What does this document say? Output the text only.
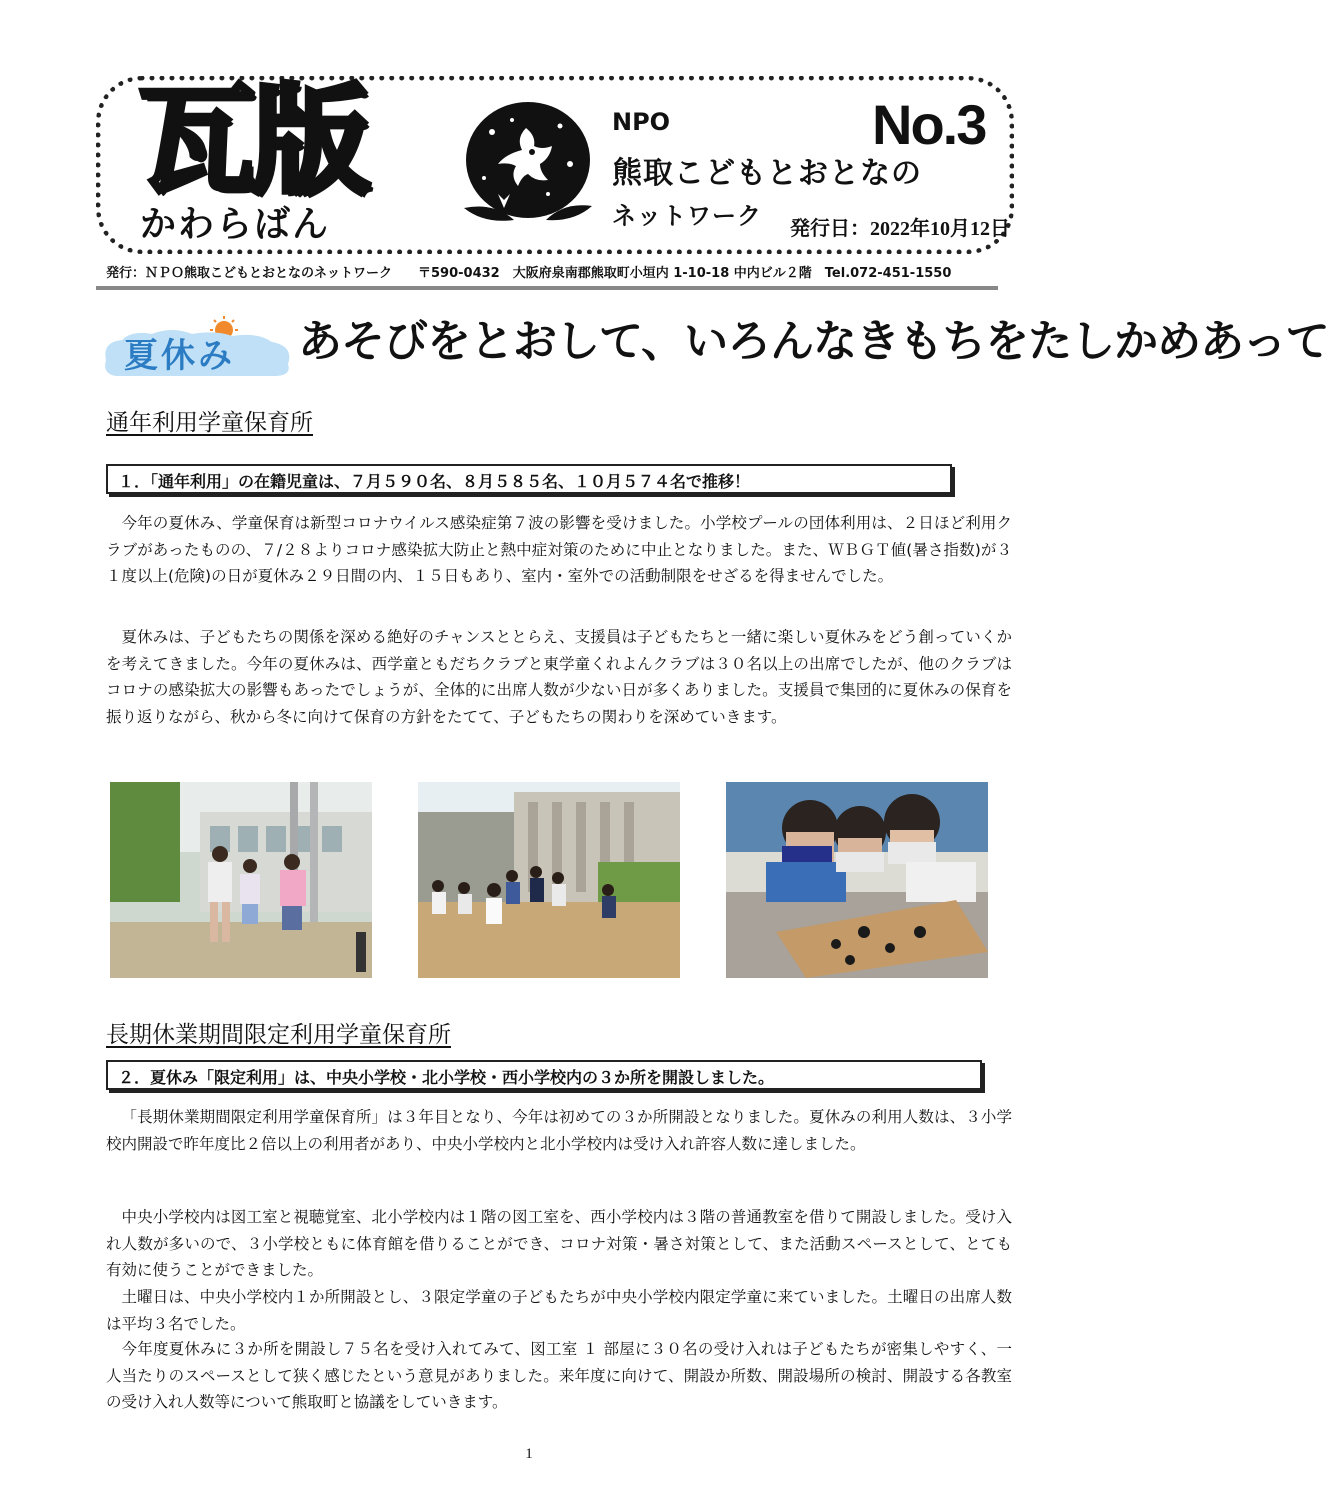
瓦版
かわらばん
NPO
熊取こどもとおとなの
ネットワーク
No.3
発行日：2022年10月12日
発行：ＮＰＯ熊取こどもとおとなのネットワーク　　〒590-0432　大阪府泉南郡熊取町小垣内 1-10-18 中内ビル２階　Tel.072-451-1550
夏休み あそびをとおして、いろんなきもちをたしかめあって
通年利用学童保育所
１．「通年利用」の在籍児童は、７月５９０名、８月５８５名、１０月５７４名で推移！

今年の夏休み、学童保育は新型コロナウイルス感染症第７波の影響を受けました。小学校プールの団体利用は、２日ほど利用クラブがあったものの、７/２８よりコロナ感染拡大防止と熱中症対策のために中止となりました。また、ＷＢＧＴ値(暑さ指数)が３１度以上(危険)の日が夏休み２９日間の内、１５日もあり、室内・室外での活動制限をせざるを得ませんでした。

夏休みは、子どもたちの関係を深める絶好のチャンスととらえ、支援員は子どもたちと一緒に楽しい夏休みをどう創っていくかを考えてきました。今年の夏休みは、西学童ともだちクラブと東学童くれよんクラブは３０名以上の出席でしたが、他のクラブはコロナの感染拡大の影響もあったでしょうが、全体的に出席人数が少ない日が多くありました。支援員で集団的に夏休みの保育を振り返りながら、秋から冬に向けて保育の方針をたてて、子どもたちの関わりを深めていきます。

長期休業期間限定利用学童保育所
２．夏休み「限定利用」は、中央小学校・北小学校・西小学校内の３か所を開設しました。

「長期休業期間限定利用学童保育所」は３年目となり、今年は初めての３か所開設となりました。夏休みの利用人数は、３小学校内開設で昨年度比２倍以上の利用者があり、中央小学校内と北小学校内は受け入れ許容人数に達しました。

中央小学校内は図工室と視聴覚室、北小学校内は１階の図工室を、西小学校内は３階の普通教室を借りて開設しました。受け入れ人数が多いので、３小学校ともに体育館を借りることができ、コロナ対策・暑さ対策として、また活動スペースとして、とても有効に使うことができました。

土曜日は、中央小学校内１か所開設とし、３限定学童の子どもたちが中央小学校内限定学童に来ていました。土曜日の出席人数は平均３名でした。

今年度夏休みに３か所を開設し７５名を受け入れてみて、図工室 １ 部屋に３０名の受け入れは子どもたちが密集しやすく、一人当たりのスペースとして狭く感じたという意見がありました。来年度に向けて、開設か所数、開設場所の検討、開設する各教室の受け入れ人数等について熊取町と協議をしていきます。

1
